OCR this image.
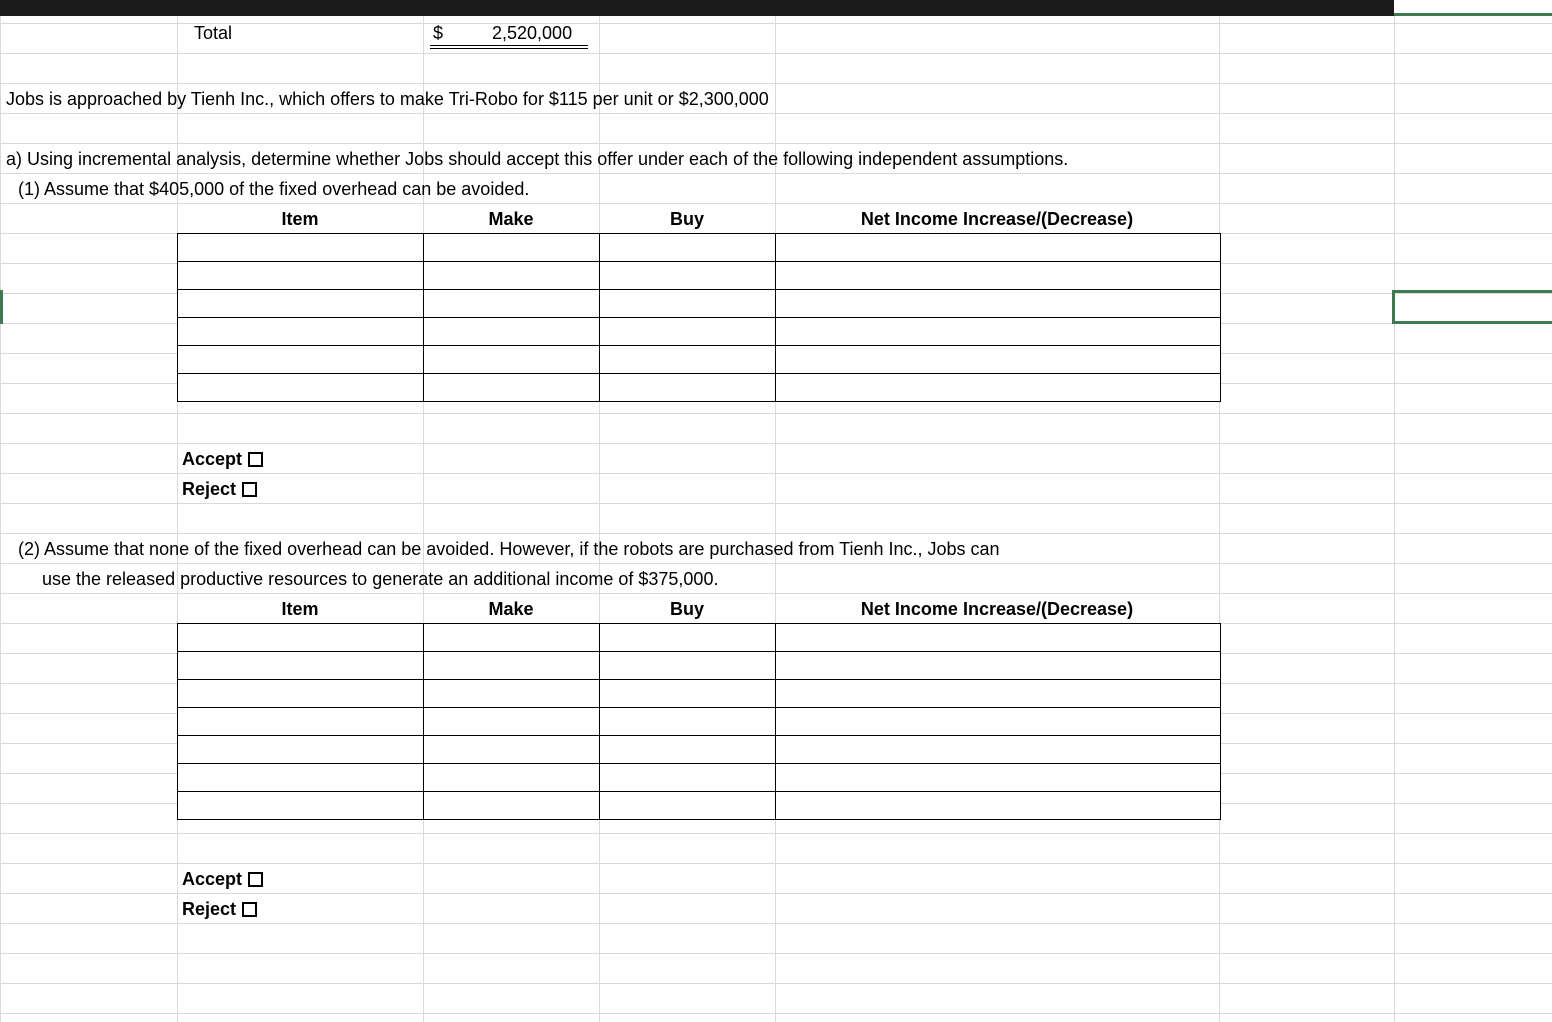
Total	$	2,520,000
Jobs is approached by Tienh Inc., which offers to make Tri-Robo for $115 per unit or $2,300,000
a) Using incremental analysis, determine whether Jobs should accept this offer under each of the following independent assumptions.
(1) Assume that $405,000 of the fixed overhead can be avoided.
Item	Make	Buy	Net Income Increase/(Decrease)

Accept
Reject
(2) Assume that none of the fixed overhead can be avoided. However, if the robots are purchased from Tienh Inc., Jobs can
use the released productive resources to generate an additional income of $375,000.
Item	Make	Buy	Net Income Increase/(Decrease)

Accept
Reject
